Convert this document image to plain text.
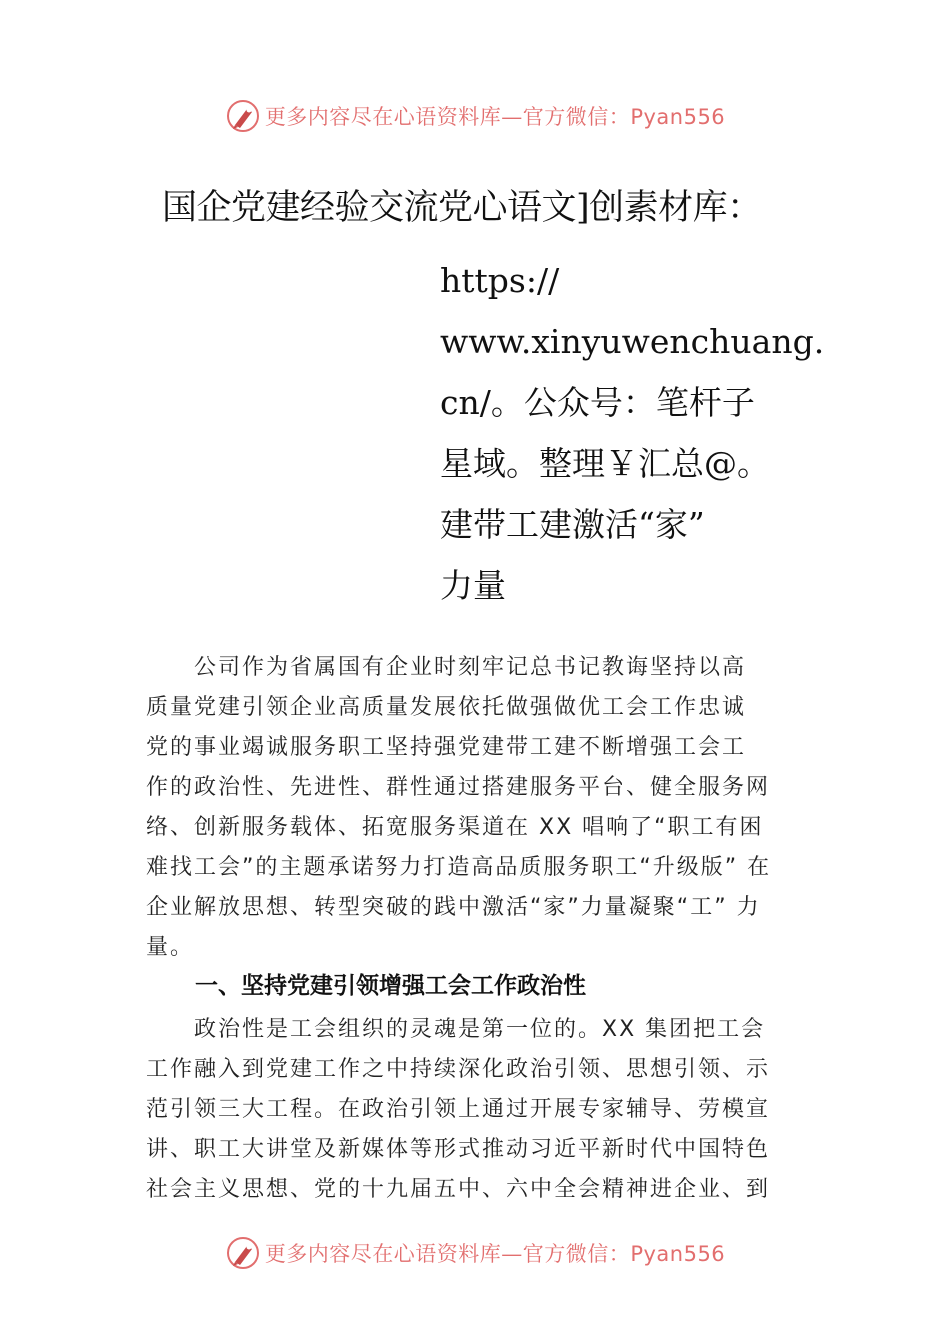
更多内容尽在心语资料库—官方微信：Pyan556
国企党建经验交流党心语文]创素材库：
https://
www.xinyuwenchuang.
cn/。公众号：笔杆子
星域。整理￥汇总@。
建带工建激活“家”
力量
　　公司作为省属国有企业时刻牢记总书记教诲坚持以高
质量党建引领企业高质量发展依托做强做优工会工作忠诚
党的事业竭诚服务职工坚持强党建带工建不断增强工会工
作的政治性、先进性、群性通过搭建服务平台、健全服务网
络、创新服务载体、拓宽服务渠道在 XX 唱响了“职工有困
难找工会”的主题承诺努力打造高品质服务职工“升级版” 在
企业解放思想、转型突破的践中激活“家”力量凝聚“工” 力
量。
一、坚持党建引领增强工会工作政治性
　　政治性是工会组织的灵魂是第一位的。XX 集团把工会
工作融入到党建工作之中持续深化政治引领、思想引领、示
范引领三大工程。在政治引领上通过开展专家辅导、劳模宣
讲、职工大讲堂及新媒体等形式推动习近平新时代中国特色
社会主义思想、党的十九届五中、六中全会精神进企业、到
更多内容尽在心语资料库—官方微信：Pyan556
